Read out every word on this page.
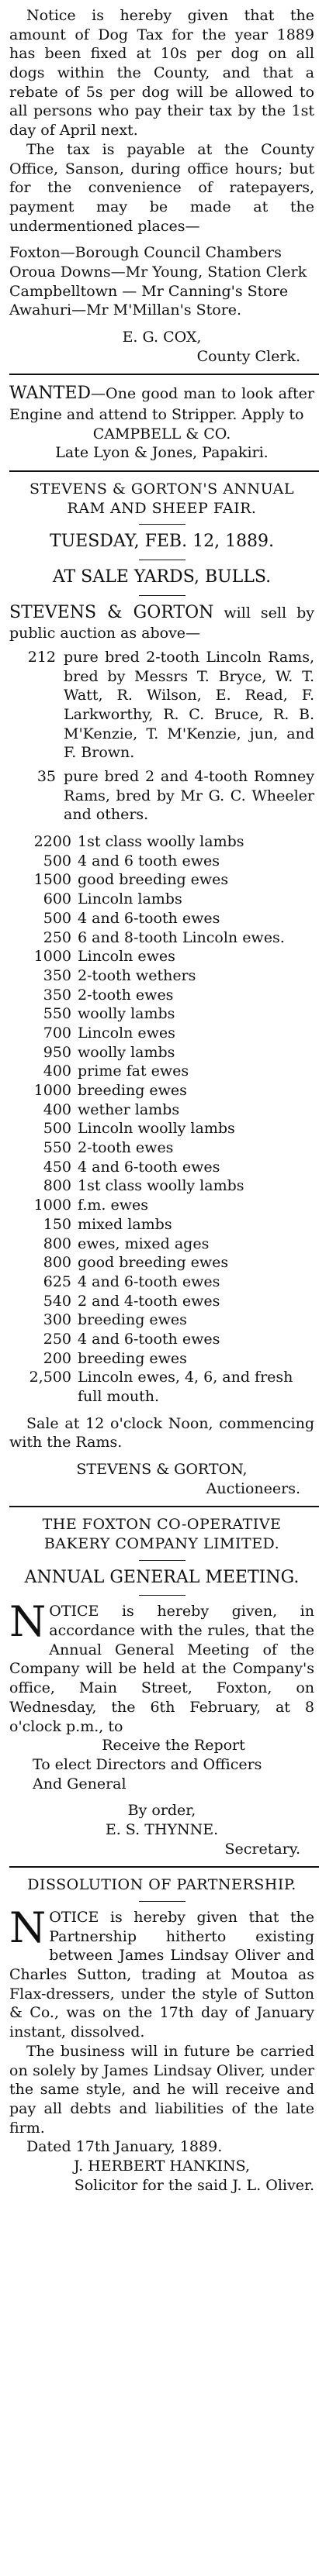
Notice is hereby given that the amount of Dog Tax for the year 1889 has been fixed at 10s per dog on all dogs within the County, and that a rebate of 5s per dog will be allowed to all persons who pay their tax by the 1st day of April next.

The tax is payable at the County Office, Sanson, during office hours; but for the convenience of ratepayers, payment may be made at the undermentioned places—

Foxton—Borough Council Chambers

Oroua Downs—Mr Young, Station Clerk

Campbelltown — Mr Canning's Store

Awahuri—Mr M'Millan's Store.

E. G. COX,

County Clerk.

WANTED—One good man to look after Engine and attend to Stripper. Apply to

CAMPBELL & CO.

Late Lyon & Jones, Papakiri.

STEVENS & GORTON'S ANNUAL RAM AND SHEEP FAIR.

TUESDAY, FEB. 12, 1889.

AT SALE YARDS, BULLS.

STEVENS & GORTON will sell by public auction as above—

212 pure bred 2-tooth Lincoln Rams, bred by Messrs T. Bryce, W. T. Watt, R. Wilson, E. Read, F. Larkworthy, R. C. Bruce, R. B. M'Kenzie, T. M'Kenzie, jun, and F. Brown.
35 pure bred 2 and 4-tooth Romney Rams, bred by Mr G. C. Wheeler and others.
2200 1st class woolly lambs
500 4 and 6 tooth ewes
1500 good breeding ewes
600 Lincoln lambs
500 4 and 6-tooth ewes
250 6 and 8-tooth Lincoln ewes.
1000 Lincoln ewes
350 2-tooth wethers
350 2-tooth ewes
550 woolly lambs
700 Lincoln ewes
950 woolly lambs
400 prime fat ewes
1000 breeding ewes
400 wether lambs
500 Lincoln woolly lambs
550 2-tooth ewes
450 4 and 6-tooth ewes
800 1st class woolly lambs
1000 f.m. ewes
150 mixed lambs
800 ewes, mixed ages
800 good breeding ewes
625 4 and 6-tooth ewes
540 2 and 4-tooth ewes
300 breeding ewes
250 4 and 6-tooth ewes
200 breeding ewes
2,500 Lincoln ewes, 4, 6, and fresh full mouth.

Sale at 12 o'clock Noon, commencing with the Rams.

STEVENS & GORTON,

Auctioneers.

THE FOXTON CO-OPERATIVE BAKERY COMPANY LIMITED.

ANNUAL GENERAL MEETING.

NOTICE is hereby given, in accordance with the rules, that the Annual General Meeting of the Company will be held at the Company's office, Main Street, Foxton, on Wednesday, the 6th February, at 8 o'clock p.m., to

Receive the Report

To elect Directors and Officers

And General

By order,

E. S. THYNNE.

Secretary.

DISSOLUTION OF PARTNERSHIP.

NOTICE is hereby given that the Partnership hitherto existing between James Lindsay Oliver and Charles Sutton, trading at Moutoa as Flax-dressers, under the style of Sutton & Co., was on the 17th day of January instant, dissolved.

The business will in future be carried on solely by James Lindsay Oliver, under the same style, and he will receive and pay all debts and liabilities of the late firm.

Dated 17th January, 1889.

J. HERBERT HANKINS,

Solicitor for the said J. L. Oliver.
